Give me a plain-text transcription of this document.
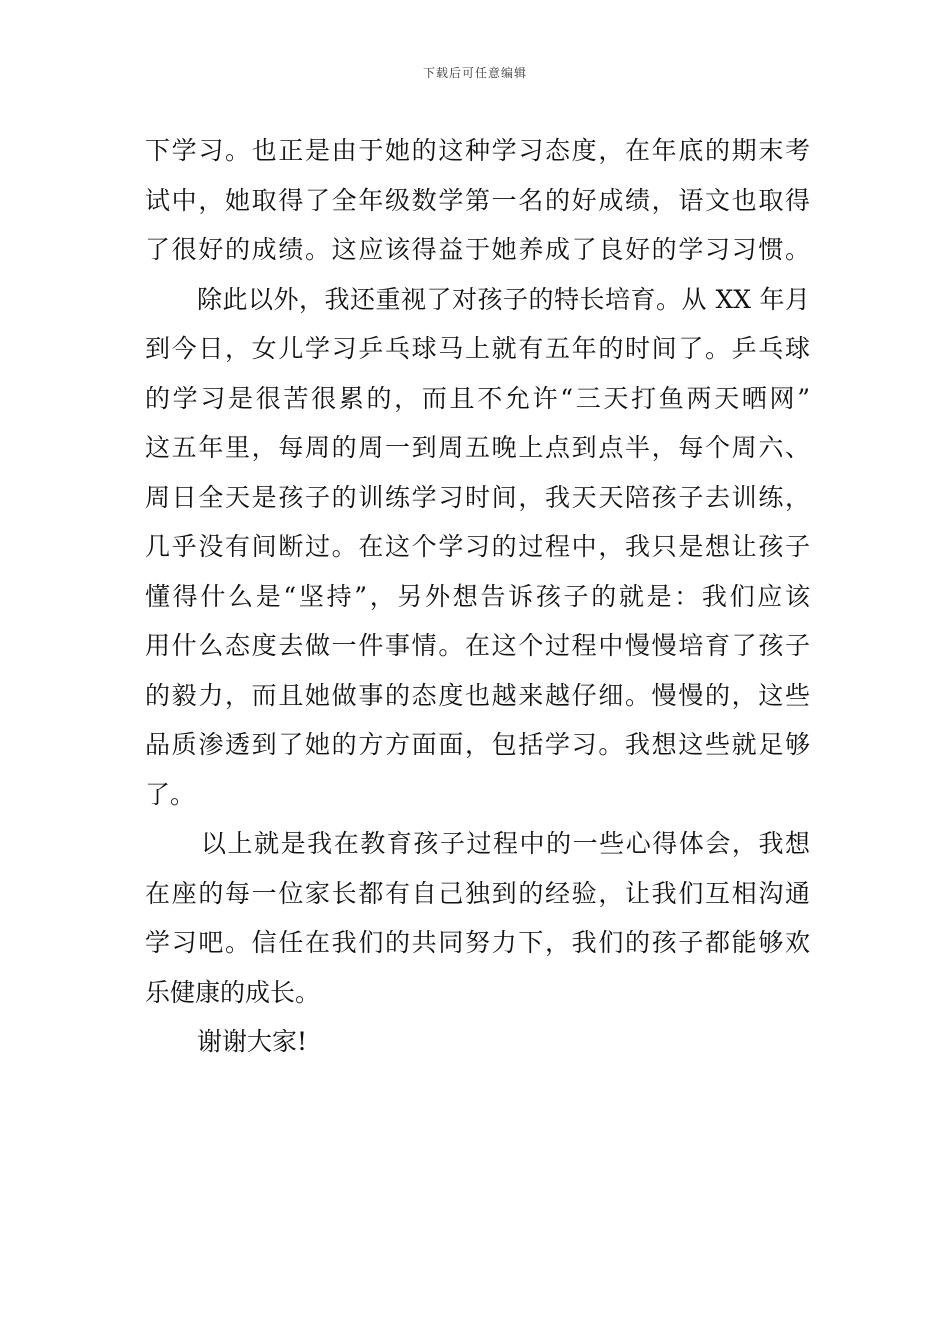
下载后可任意编辑
下学习。也正是由于她的这种学习态度，在年底的期末考
试中，她取得了全年级数学第一名的好成绩，语文也取得
了很好的成绩。这应该得益于她养成了良好的学习习惯。
除此以外，我还重视了对孩子的特长培育。从 XX 年月
到今日，女儿学习乒乓球马上就有五年的时间了。乒乓球
的学习是很苦很累的，而且不允许“三天打鱼两天晒网”
这五年里，每周的周一到周五晚上点到点半，每个周六、
周日全天是孩子的训练学习时间，我天天陪孩子去训练，
几乎没有间断过。在这个学习的过程中，我只是想让孩子
懂得什么是“坚持”，另外想告诉孩子的就是：我们应该
用什么态度去做一件事情。在这个过程中慢慢培育了孩子
的毅力，而且她做事的态度也越来越仔细。慢慢的，这些
品质渗透到了她的方方面面，包括学习。我想这些就足够
了。
以上就是我在教育孩子过程中的一些心得体会，我想
在座的每一位家长都有自己独到的经验，让我们互相沟通
学习吧。信任在我们的共同努力下，我们的孩子都能够欢
乐健康的成长。
谢谢大家!
